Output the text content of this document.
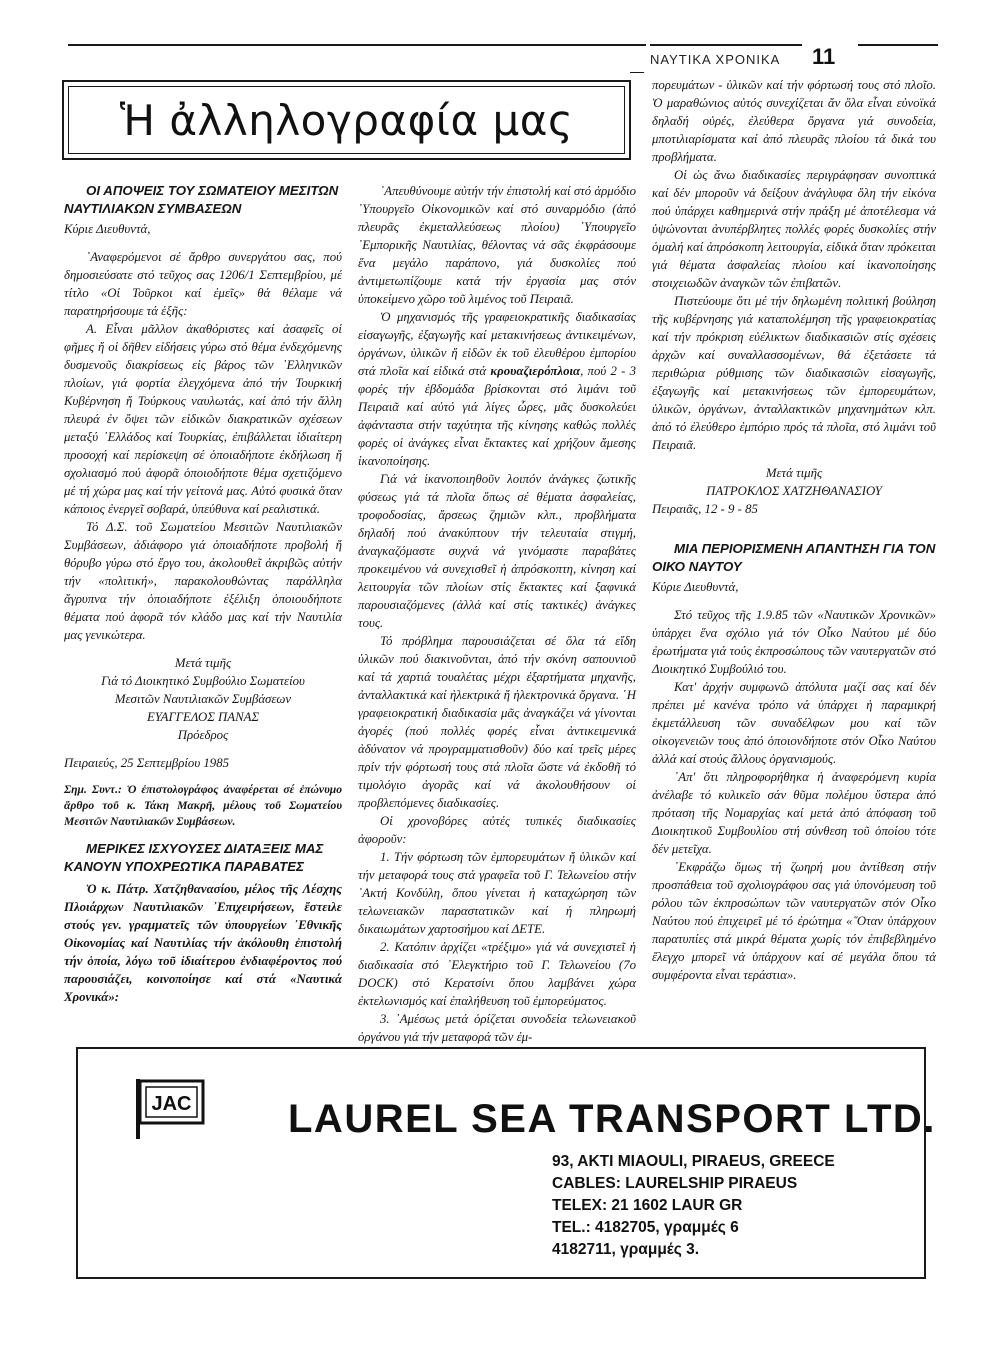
ΝΑΥΤΙΚΑ ΧΡΟΝΙΚΑ 11
Ἡ ἀλληλογραφία μας

ΟΙ ΑΠΟΨΕΙΣ ΤΟΥ ΣΩΜΑΤΕΙΟΥ ΜΕΣΙΤΩΝ ΝΑΥΤΙΛΙΑΚΩΝ ΣΥΜΒΑΣΕΩΝ

Κύριε Διευθυντά,

᾿Αναφερόμενοι σέ ἄρθρο συνεργάτου σας, πού δημοσιεύσατε στό τεῦχος σας 1206/1 Σεπτεμβρίου, μέ τίτλο «Οἱ Τοῦρκοι καί ἐμεῖς» θά θέλαμε νά παρατηρήσουμε τά ἑξῆς:

Α. Εἶναι μᾶλλον ἀκαθόριστες καί ἀσαφεῖς οἱ φῆμες ἤ οἱ δῆθεν εἰδήσεις γύρω στό θέμα ἐνδεχόμενης δυσμενοῦς διακρίσεως εἰς βάρος τῶν ᾿Ελληνικῶν πλοίων, γιά φορτία ἐλεγχόμενα ἀπό τήν Τουρκική Κυβέρνηση ἤ Τούρκους ναυλωτάς, καί ἀπό τήν ἄλλη πλευρά ἐν ὄψει τῶν εἰδικῶν διακρατικῶν σχέσεων μεταξύ ᾿Ελλάδος καί Τουρκίας, ἐπιβάλλεται ἰδιαίτερη προσοχή καί περίσκεψη σέ ὁποιαδήποτε ἐκδήλωση ἤ σχολιασμό πού ἀφορᾶ ὁποιοδήποτε θέμα σχετιζόμενο μέ τή χώρα μας καί τήν γείτονά μας. Αὐτό φυσικά ὅταν κάποιος ἐνεργεῖ σοβαρά, ὑπεύθυνα καί ρεαλιστικά.

Τό Δ.Σ. τοῦ Σωματείου Μεσιτῶν Ναυτιλιακῶν Συμβάσεων, ἀδιάφορο γιά ὁποιαδήποτε προβολή ἤ θόρυβο γύρω στό ἔργο του, ἀκολουθεῖ ἀκριβῶς αὐτήν τήν «πολιτική», παρακολουθώντας παράλληλα ἄγρυπνα τήν ὁποιαδήποτε ἐξέλιξη ὁποιουδήποτε θέματα πού ἀφορᾶ τόν κλάδο μας καί τήν Ναυτιλία μας γενικώτερα.

Μετά τιμῆς

Γιά τό Διοικητικό Συμβούλιο Σωματείου

Μεσιτῶν Ναυτιλιακῶν Συμβάσεων

ΕΥΑΓΓΕΛΟΣ ΠΑΝΑΣ

Πρόεδρος

Πειραιεύς, 25 Σεπτεμβρίου 1985

Σημ. Συντ.: Ὁ ἐπιστολογράφος ἀναφέρεται σέ ἐπώνυμο ἄρθρο τοῦ κ. Τάκη Μακρῆ, μέλους τοῦ Σωματείου Μεσιτῶν Ναυτιλιακῶν Συμβάσεων.

ΜΕΡΙΚΕΣ ΙΣΧΥΟΥΣΕΣ ΔΙΑΤΑΞΕΙΣ ΜΑΣ ΚΑΝΟΥΝ ΥΠΟΧΡΕΩΤΙΚΑ ΠΑΡΑΒΑΤΕΣ

Ὁ κ. Πάτρ. Χατζηθανασίου, μέλος τῆς Λέσχης Πλοιάρχων Ναυτιλιακῶν ᾿Επιχειρήσεων, ἔστειλε στούς γεν. γραμματεῖς τῶν ὑπουργείων ᾿Εθνικῆς Οἰκονομίας καί Ναυτιλίας τήν ἀκόλουθη ἐπιστολή τήν ὁποία, λόγω τοῦ ἰδιαίτερου ἐνδιαφέροντος πού παρουσιάζει, κοινοποίησε καί στά «Ναυτικά Χρονικά»:

᾿Απευθύνουμε αὐτήν τήν ἐπιστολή καί στό ἁρμόδιο ᾿Υπουργεῖο Οἰκονομικῶν καί στό συναρμόδιο (ἀπό πλευρᾶς ἐκμεταλλεύσεως πλοίου) ᾿Υπουργεῖο ᾿Εμπορικῆς Ναυτιλίας, θέλοντας νά σᾶς ἐκφράσουμε ἕνα μεγάλο παράπονο, γιά δυσκολίες πού ἀντιμετωπίζουμε κατά τήν ἐργασία μας στόν ὑποκείμενο χῶρο τοῦ λιμένος τοῦ Πειραιᾶ.

Ὁ μηχανισμός τῆς γραφειοκρατικῆς διαδικασίας εἰσαγωγῆς, ἐξαγωγῆς καί μετακινήσεως ἀντικειμένων, ὀργάνων, ὑλικῶν ἤ εἰδῶν ἐκ τοῦ ἐλευθέρου ἐμπορίου στά πλοῖα καί εἰδικά στά κρουαζιερόπλοια, πού 2 - 3 φορές τήν ἑβδομάδα βρίσκονται στό λιμάνι τοῦ Πειραιᾶ καί αὐτό γιά λίγες ὧρες, μᾶς δυσκολεύει ἀφάνταστα στήν ταχύτητα τῆς κίνησης καθώς πολλές φορές οἱ ἀνάγκες εἶναι ἔκτακτες καί χρήζουν ἄμεσης ἱκανοποίησης.

Γιά νά ἱκανοποιηθοῦν λοιπόν ἀνάγκες ζωτικῆς φύσεως γιά τά πλοῖα ὅπως σέ θέματα ἀσφαλείας, τροφοδοσίας, ἄρσεως ζημιῶν κλπ., προβλήματα δηλαδή πού ἀνακύπτουν τήν τελευταία στιγμή, ἀναγκαζόμαστε συχνά νά γινόμαστε παραβάτες προκειμένου νά συνεχισθεῖ ἡ ἀπρόσκοπτη, κίνηση καί λειτουργία τῶν πλοίων στίς ἔκτακτες καί ξαφνικά παρουσιαζόμενες (ἀλλά καί στίς τακτικές) ἀνάγκες τους.

Τό πρόβλημα παρουσιάζεται σέ ὅλα τά εἴδη ὑλικῶν πού διακινοῦνται, ἀπό τήν σκόνη σαπουνιοῦ καί τά χαρτιά τουαλέτας μέχρι ἐξαρτήματα μηχανῆς, ἀνταλλακτικά καί ἠλεκτρικά ἤ ἠλεκτρονικά ὄργανα. ῾Η γραφειοκρατική διαδικασία μᾶς ἀναγκάζει νά γίνονται ἀγορές (πού πολλές φορές εἶναι ἀντικειμενικά ἀδύνατον νά προγραμματισθοῦν) δύο καί τρεῖς μέρες πρίν τήν φόρτωσή τους στά πλοῖα ὥστε νά ἐκδοθῆ τό τιμολόγιο ἀγορᾶς καί νά ἀκολουθήσουν οἱ προβλεπόμενες διαδικασίες.

Οἱ χρονοβόρες αὐτές τυπικές διαδικασίες ἀφοροῦν:

1. Τήν φόρτωση τῶν ἐμπορευμάτων ἤ ὑλικῶν καί τήν μεταφορά τους στά γραφεῖα τοῦ Γ. Τελωνείου στήν ᾿Ακτή Κονδύλη, ὅπου γίνεται ἡ καταχώρηση τῶν τελωνειακῶν παραστατικῶν καί ἡ πληρωμή δικαιωμάτων χαρτοσήμου καί ΔΕΤΕ.

2. Κατόπιν ἀρχίζει «τρέξιμο» γιά νά συνεχιστεῖ ἡ διαδικασία στό ᾿Ελεγκτήριο τοῦ Γ. Τελωνείου (7ο DOCK) στό Κερατσίνι ὅπου λαμβάνει χώρα ἐκτελωνισμός καί ἐπαλήθευση τοῦ ἐμπορεύματος.

3. ᾿Αμέσως μετά ὁρίζεται συνοδεία τελωνειακοῦ ὀργάνου γιά τήν μεταφορά τῶν ἐμ-

πορευμάτων - ὑλικῶν καί τήν φόρτωσή τους στό πλοῖο. Ὁ μαραθώνιος αὐτός συνεχίζεται ἄν ὅλα εἶναι εὐνοϊκά δηλαδή οὐρές, ἐλεύθερα ὄργανα γιά συνοδεία, μποτιλιαρίσματα καί ἀπό πλευρᾶς πλοίου τά δικά του προβλήματα.

Οἱ ὡς ἄνω διαδικασίες περιγράφησαν συνοπτικά καί δέν μποροῦν νά δείξουν ἀνάγλυφα ὅλη τήν εἰκόνα πού ὑπάρχει καθημερινά στήν πράξη μέ ἀποτέλεσμα νά ὑψώνονται ἀνυπέρβλητες πολλές φορές δυσκολίες στήν ὁμαλή καί ἀπρόσκοπη λειτουργία, εἰδικά ὅταν πρόκειται γιά θέματα ἀσφαλείας πλοίου καί ἱκανοποίησης στοιχειωδῶν ἀναγκῶν τῶν ἐπιβατῶν.

Πιστεύουμε ὅτι μέ τήν δηλωμένη πολιτική βούληση τῆς κυβέρνησης γιά καταπολέμηση τῆς γραφειοκρατίας καί τήν πρόκριση εὐέλικτων διαδικασιῶν στίς σχέσεις ἀρχῶν καί συναλλασσομένων, θά ἐξετάσετε τά περιθώρια ρύθμισης τῶν διαδικασιῶν εἰσαγωγῆς, ἐξαγωγῆς καί μετακινήσεως τῶν ἐμπορευμάτων, ὑλικῶν, ὀργάνων, ἀνταλλακτικῶν μηχανημάτων κλπ. ἀπό τό ἐλεύθερο ἐμπόριο πρός τά πλοῖα, στό λιμάνι τοῦ Πειραιᾶ.

Μετά τιμῆς

ΠΑΤΡΟΚΛΟΣ ΧΑΤΖΗΘΑΝΑΣΙΟΥ

Πειραιᾶς, 12 - 9 - 85

ΜΙΑ ΠΕΡΙΟΡΙΣΜΕΝΗ ΑΠΑΝΤΗΣΗ ΓΙΑ ΤΟΝ ΟΙΚΟ ΝΑΥΤΟΥ

Κύριε Διευθυντά,

Στό τεῦχος τῆς 1.9.85 τῶν «Ναυτικῶν Χρονικῶν» ὑπάρχει ἕνα σχόλιο γιά τόν Οἶκο Ναύτου μέ δύο ἐρωτήματα γιά τούς ἐκπροσώπους τῶν ναυτεργατῶν στό Διοικητικό Συμβούλιό του.

Κατ' ἀρχήν συμφωνῶ ἀπόλυτα μαζί σας καί δέν πρέπει μέ κανένα τρόπο νά ὑπάρχει ἡ παραμικρή ἐκμετάλλευση τῶν συναδέλφων μου καί τῶν οἰκογενειῶν τους ἀπό ὁποιονδήποτε στόν Οἶκο Ναύτου ἀλλά καί στούς ἄλλους ὀργανισμούς.

᾿Απ' ὅτι πληροφορήθηκα ἡ ἀναφερόμενη κυρία ἀνέλαβε τό κυλικεῖο σάν θῦμα πολέμου ὕστερα ἀπό πρόταση τῆς Νομαρχίας καί μετά ἀπό ἀπόφαση τοῦ Διοικητικοῦ Συμβουλίου στή σύνθεση τοῦ ὁποίου τότε δέν μετεῖχα.

᾿Εκφράζω ὅμως τή ζωηρή μου ἀντίθεση στήν προσπάθεια τοῦ σχολιογράφου σας γιά ὑπονόμευση τοῦ ρόλου τῶν ἐκπροσώπων τῶν ναυτεργατῶν στόν Οἶκο Ναύτου πού ἐπιχειρεῖ μέ τό ἐρώτημα «῞Οταν ὑπάρχουν παρατυπίες στά μικρά θέματα χωρίς τόν ἐπιβεβλημένο ἔλεγχο μπορεῖ νά ὑπάρχουν καί σέ μεγάλα ὅπου τά συμφέροντα εἶναι τεράστια».

JAC LAUREL SEA TRANSPORT LTD.
93, AKTI MIAOULI, PIRAEUS, GREECE
CABLES: LAURELSHIP PIRAEUS
TELEX: 21 1602 LAUR GR
TEL.: 4182705, γραμμές 6
4182711, γραμμές 3.
